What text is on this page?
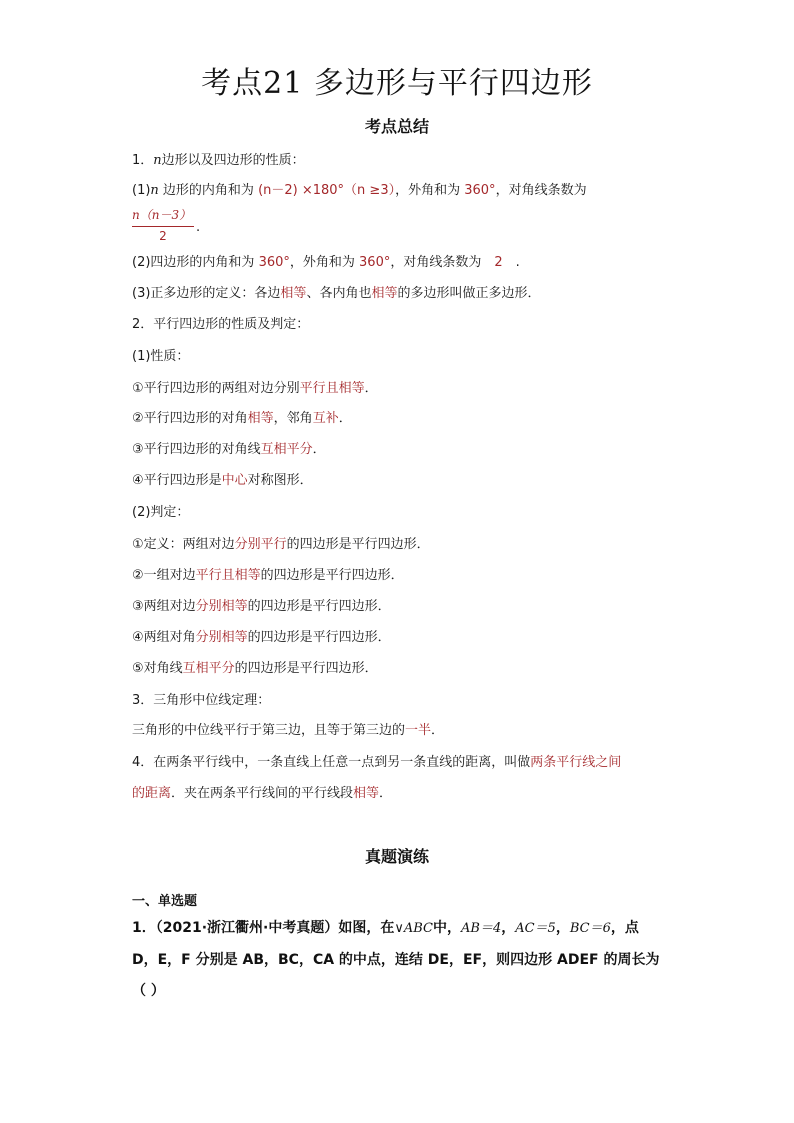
考点21 多边形与平行四边形
考点总结
1．n边形以及四边形的性质：
(1)n 边形的内角和为 (n－2) ×180°（n ≥3），外角和为 360°，对角线条数为
$\frac{n(n-3)}{2}$ .
(2)四边形的内角和为 360°，外角和为 360°，对角线条数为　2　.
(3)正多边形的定义：各边相等、各内角也相等的多边形叫做正多边形．
2．平行四边形的性质及判定：
(1)性质：
①平行四边形的两组对边分别平行且相等．
②平行四边形的对角相等，邻角互补．
③平行四边形的对角线互相平分．
④平行四边形是中心对称图形．
(2)判定：
①定义：两组对边分别平行的四边形是平行四边形．
②一组对边平行且相等的四边形是平行四边形．
③两组对边分别相等的四边形是平行四边形．
④两组对角分别相等的四边形是平行四边形．
⑤对角线互相平分的四边形是平行四边形．
3．三角形中位线定理：
三角形的中位线平行于第三边，且等于第三边的一半．
4．在两条平行线中，一条直线上任意一点到另一条直线的距离，叫做两条平行线之间
的距离．夹在两条平行线间的平行线段相等．
真题演练
一、单选题
1．（2021·浙江衢州·中考真题）如图，在∨ABC中，AB＝4，AC＝5，BC＝6，点
D，E，F 分别是 AB，BC，CA 的中点，连结 DE，EF，则四边形 ADEF 的周长为
（ ）
